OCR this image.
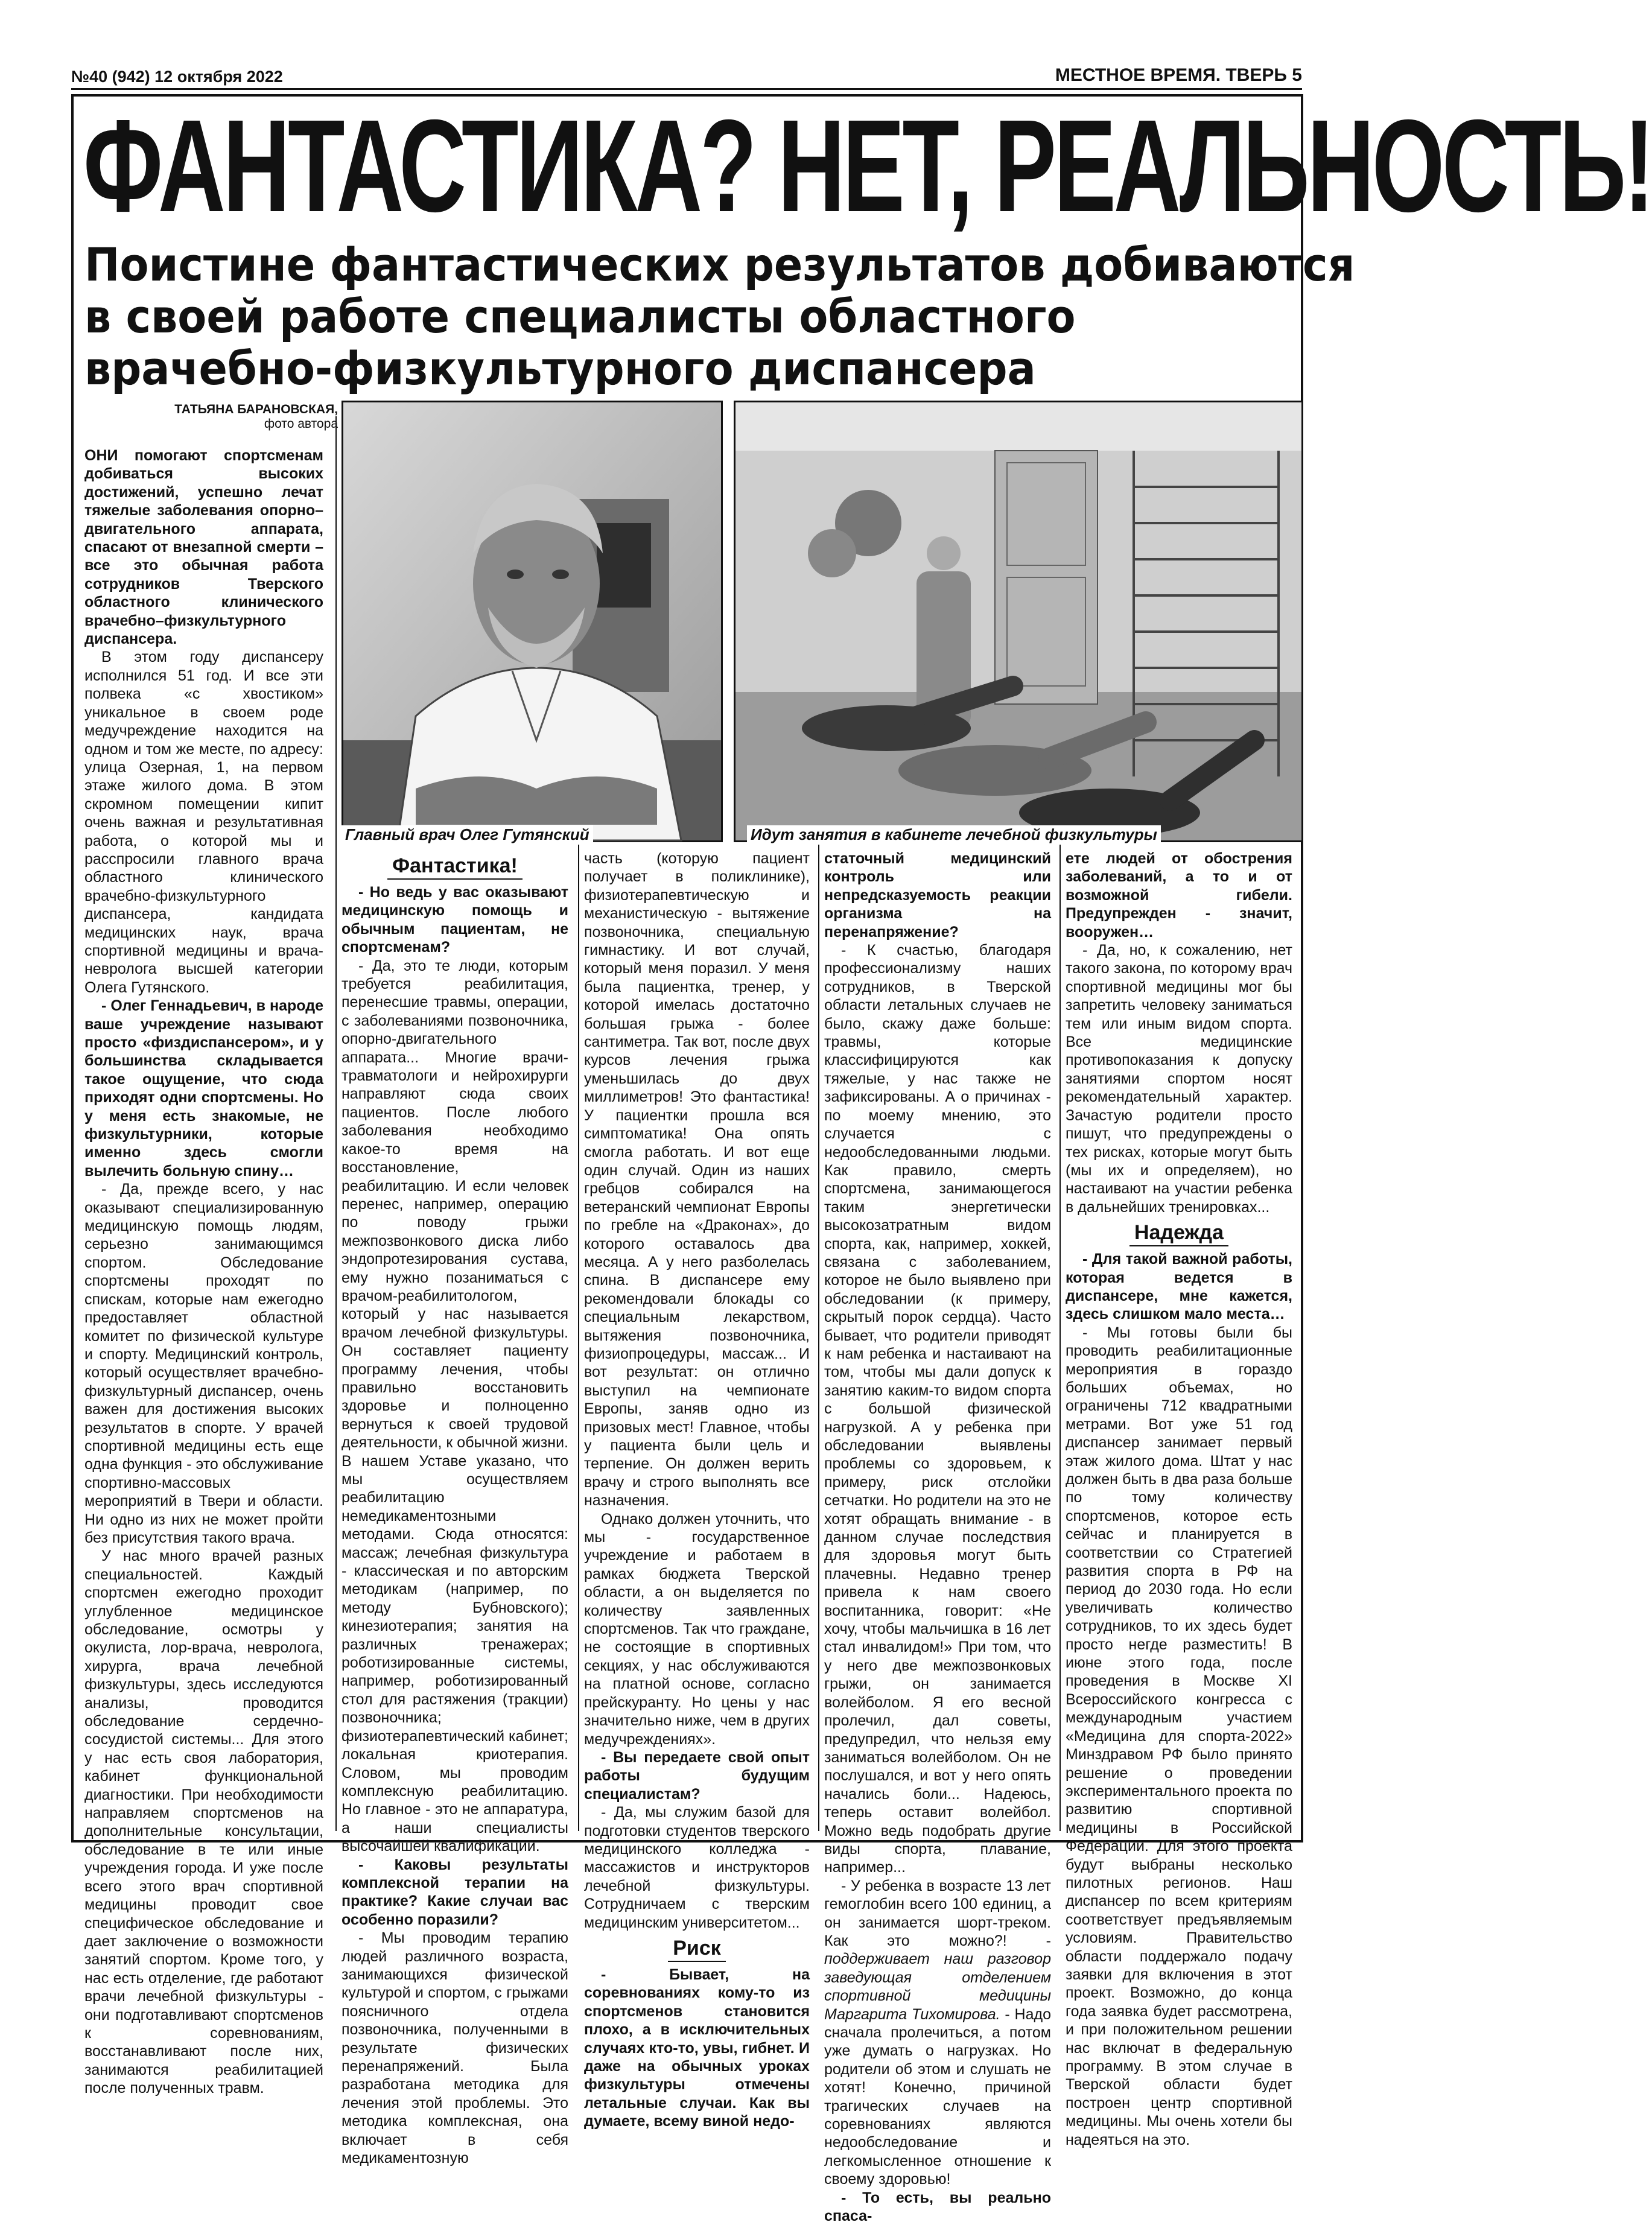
№40 (942) 12 октября 2022	МЕСТНОЕ ВРЕМЯ. ТВЕРЬ 5
ФАНТАСТИКА? НЕТ, РЕАЛЬНОСТЬ!
Поистине фантастических результатов добиваются
в своей работе специалисты областного
врачебно-физкультурного диспансера
ТАТЬЯНА БАРАНОВСКАЯ,
фото автора
Главный врач Олег Гутянский	Идут занятия в кабинете лечебной физкультуры

ОНИ помогают спортсменам добиваться высоких достижений, успешно лечат тяжелые заболевания опорно–двигательного аппарата, спасают от внезапной смерти – все это обычная работа сотрудников Тверского областного клинического врачебно–физкультурного диспансера.

В этом году диспансеру исполнился 51 год. И все эти полвека «с хвостиком» уникальное в своем роде медучреждение находится на одном и том же месте, по адресу: улица Озерная, 1, на первом этаже жилого дома. В этом скромном помещении кипит очень важная и результативная работа, о которой мы и расспросили главного врача областного клинического врачебно-физкультурного диспансера, кандидата медицинских наук, врача спортивной медицины и врача-невролога высшей категории Олега Гутянского.

- Олег Геннадьевич, в народе ваше учреждение называют просто «физдиспансером», и у большинства складывается такое ощущение, что сюда приходят одни спортсмены. Но у меня есть знакомые, не физкультурники, которые именно здесь смогли вылечить больную спину…

- Да, прежде всего, у нас оказывают специализированную медицинскую помощь людям, серьезно занимающимся спортом. Обследование спортсмены проходят по спискам, которые нам ежегодно предоставляет областной комитет по физической культуре и спорту. Медицинский контроль, который осуществляет врачебно-физкультурный диспансер, очень важен для достижения высоких результатов в спорте. У врачей спортивной медицины есть еще одна функция - это обслуживание спортивно-массовых мероприятий в Твери и области. Ни одно из них не может пройти без присутствия такого врача.

У нас много врачей разных специальностей. Каждый спортсмен ежегодно проходит углубленное медицинское обследование, осмотры у окулиста, лор-врача, невролога, хирурга, врача лечебной физкультуры, здесь исследуются анализы, проводится обследование сердечно-сосудистой системы... Для этого у нас есть своя лаборатория, кабинет функциональной диагностики. При необходимости направляем спортсменов на дополнительные консультации, обследование в те или иные учреждения города. И уже после всего этого врач спортивной медицины проводит свое специфическое обследование и дает заключение о возможности занятий спортом. Кроме того, у нас есть отделение, где работают врачи лечебной физкультуры - они подготавливают спортсменов к соревнованиям, восстанавливают после них, занимаются реабилитацией после полученных травм.

Фантастика!

- Но ведь у вас оказывают медицинскую помощь и обычным пациентам, не спортсменам?

- Да, это те люди, которым требуется реабилитация, перенесшие травмы, операции, с заболеваниями позвоночника, опорно-двигательного аппарата... Многие врачи-травматологи и нейрохирурги направляют сюда своих пациентов. После любого заболевания необходимо какое-то время на восстановление, реабилитацию. И если человек перенес, например, операцию по поводу грыжи межпозвонкового диска либо эндопротезирования сустава, ему нужно позаниматься с врачом-реабилитологом, который у нас называется врачом лечебной физкультуры. Он составляет пациенту программу лечения, чтобы правильно восстановить здоровье и полноценно вернуться к своей трудовой деятельности, к обычной жизни. В нашем Уставе указано, что мы осуществляем реабилитацию немедикаментозными методами. Сюда относятся: массаж; лечебная физкультура - классическая и по авторским методикам (например, по методу Бубновского); кинезиотерапия; занятия на различных тренажерах; роботизированные системы, например, роботизированный стол для растяжения (тракции) позвоночника; физиотерапевтический кабинет; локальная криотерапия. Словом, мы проводим комплексную реабилитацию. Но главное - это не аппаратура, а наши специалисты высочайшей квалификации.

- Каковы результаты комплексной терапии на практике? Какие случаи вас особенно поразили?

- Мы проводим терапию людей различного возраста, занимающихся физической культурой и спортом, с грыжами поясничного отдела позвоночника, полученными в результате физических перенапряжений. Была разработана методика для лечения этой проблемы. Это методика комплексная, она включает в себя медикаментозную

часть (которую пациент получает в поликлинике), физиотерапевтическую и механистическую - вытяжение позвоночника, специальную гимнастику. И вот случай, который меня поразил. У меня была пациентка, тренер, у которой имелась достаточно большая грыжа - более сантиметра. Так вот, после двух курсов лечения грыжа уменьшилась до двух миллиметров! Это фантастика! У пациентки прошла вся симптоматика! Она опять смогла работать. И вот еще один случай. Один из наших гребцов собирался на ветеранский чемпионат Европы по гребле на «Драконах», до которого оставалось два месяца. А у него разболелась спина. В диспансере ему рекомендовали блокады со специальным лекарством, вытяжения позвоночника, физиопроцедуры, массаж... И вот результат: он отлично выступил на чемпионате Европы, заняв одно из призовых мест! Главное, чтобы у пациента были цель и терпение. Он должен верить врачу и строго выполнять все назначения.

Однако должен уточнить, что мы - государственное учреждение и работаем в рамках бюджета Тверской области, а он выделяется по количеству заявленных спортсменов. Так что граждане, не состоящие в спортивных секциях, у нас обслуживаются на платной основе, согласно прейскуранту. Но цены у нас значительно ниже, чем в других медучреждениях».

- Вы передаете свой опыт работы будущим специалистам?

- Да, мы служим базой для подготовки студентов тверского медицинского колледжа - массажистов и инструкторов лечебной физкультуры. Сотрудничаем с тверским медицинским университетом...

Риск

- Бывает, на соревнованиях кому-то из спортсменов становится плохо, а в исключительных случаях кто-то, увы, гибнет. И даже на обычных уроках физкультуры отмечены летальные случаи. Как вы думаете, всему виной недо-

статочный медицинский контроль или непредсказуемость реакции организма на перенапряжение?

- К счастью, благодаря профессионализму наших сотрудников, в Тверской области летальных случаев не было, скажу даже больше: травмы, которые классифицируются как тяжелые, у нас также не зафиксированы. А о причинах - по моему мнению, это случается с недообследованными людьми. Как правило, смерть спортсмена, занимающегося таким энергетически высокозатратным видом спорта, как, например, хоккей, связана с заболеванием, которое не было выявлено при обследовании (к примеру, скрытый порок сердца). Часто бывает, что родители приводят к нам ребенка и настаивают на том, чтобы мы дали допуск к занятию каким-то видом спорта с большой физической нагрузкой. А у ребенка при обследовании выявлены проблемы со здоровьем, к примеру, риск отслойки сетчатки. Но родители на это не хотят обращать внимание - в данном случае последствия для здоровья могут быть плачевны. Недавно тренер привела к нам своего воспитанника, говорит: «Не хочу, чтобы мальчишка в 16 лет стал инвалидом!» При том, что у него две межпозвонковых грыжи, он занимается волейболом. Я его весной пролечил, дал советы, предупредил, что нельзя ему заниматься волейболом. Он не послушался, и вот у него опять начались боли... Надеюсь, теперь оставит волейбол. Можно ведь подобрать другие виды спорта, плавание, например...

- У ребенка в возрасте 13 лет гемоглобин всего 100 единиц, а он занимается шорт-треком. Как это можно?! - поддерживает наш разговор заведующая отделением спортивной медицины Маргарита Тихомирова. - Надо сначала пролечиться, а потом уже думать о нагрузках. Но родители об этом и слушать не хотят! Конечно, причиной трагических случаев на соревнованиях являются недообследование и легкомысленное отношение к своему здоровью!

- То есть, вы реально спаса-

ете людей от обострения заболеваний, а то и от возможной гибели. Предупрежден - значит, вооружен…

- Да, но, к сожалению, нет такого закона, по которому врач спортивной медицины мог бы запретить человеку заниматься тем или иным видом спорта. Все медицинские противопоказания к допуску занятиями спортом носят рекомендательный характер. Зачастую родители просто пишут, что предупреждены о тех рисках, которые могут быть (мы их и определяем), но настаивают на участии ребенка в дальнейших тренировках...

Надежда

- Для такой важной работы, которая ведется в диспансере, мне кажется, здесь слишком мало места…

- Мы готовы были бы проводить реабилитационные мероприятия в гораздо больших объемах, но ограничены 712 квадратными метрами. Вот уже 51 год диспансер занимает первый этаж жилого дома. Штат у нас должен быть в два раза больше по тому количеству спортсменов, которое есть сейчас и планируется в соответствии со Стратегией развития спорта в РФ на период до 2030 года. Но если увеличивать количество сотрудников, то их здесь будет просто негде разместить! В июне этого года, после проведения в Москве XI Всероссийского конгресса с международным участием «Медицина для спорта-2022» Минздравом РФ было принято решение о проведении экспериментального проекта по развитию спортивной медицины в Российской Федерации. Для этого проекта будут выбраны несколько пилотных регионов. Наш диспансер по всем критериям соответствует предъявляемым условиям. Правительство области поддержало подачу заявки для включения в этот проект. Возможно, до конца года заявка будет рассмотрена, и при положительном решении нас включат в федеральную программу. В этом случае в Тверской области будет построен центр спортивной медицины. Мы очень хотели бы надеяться на это.
